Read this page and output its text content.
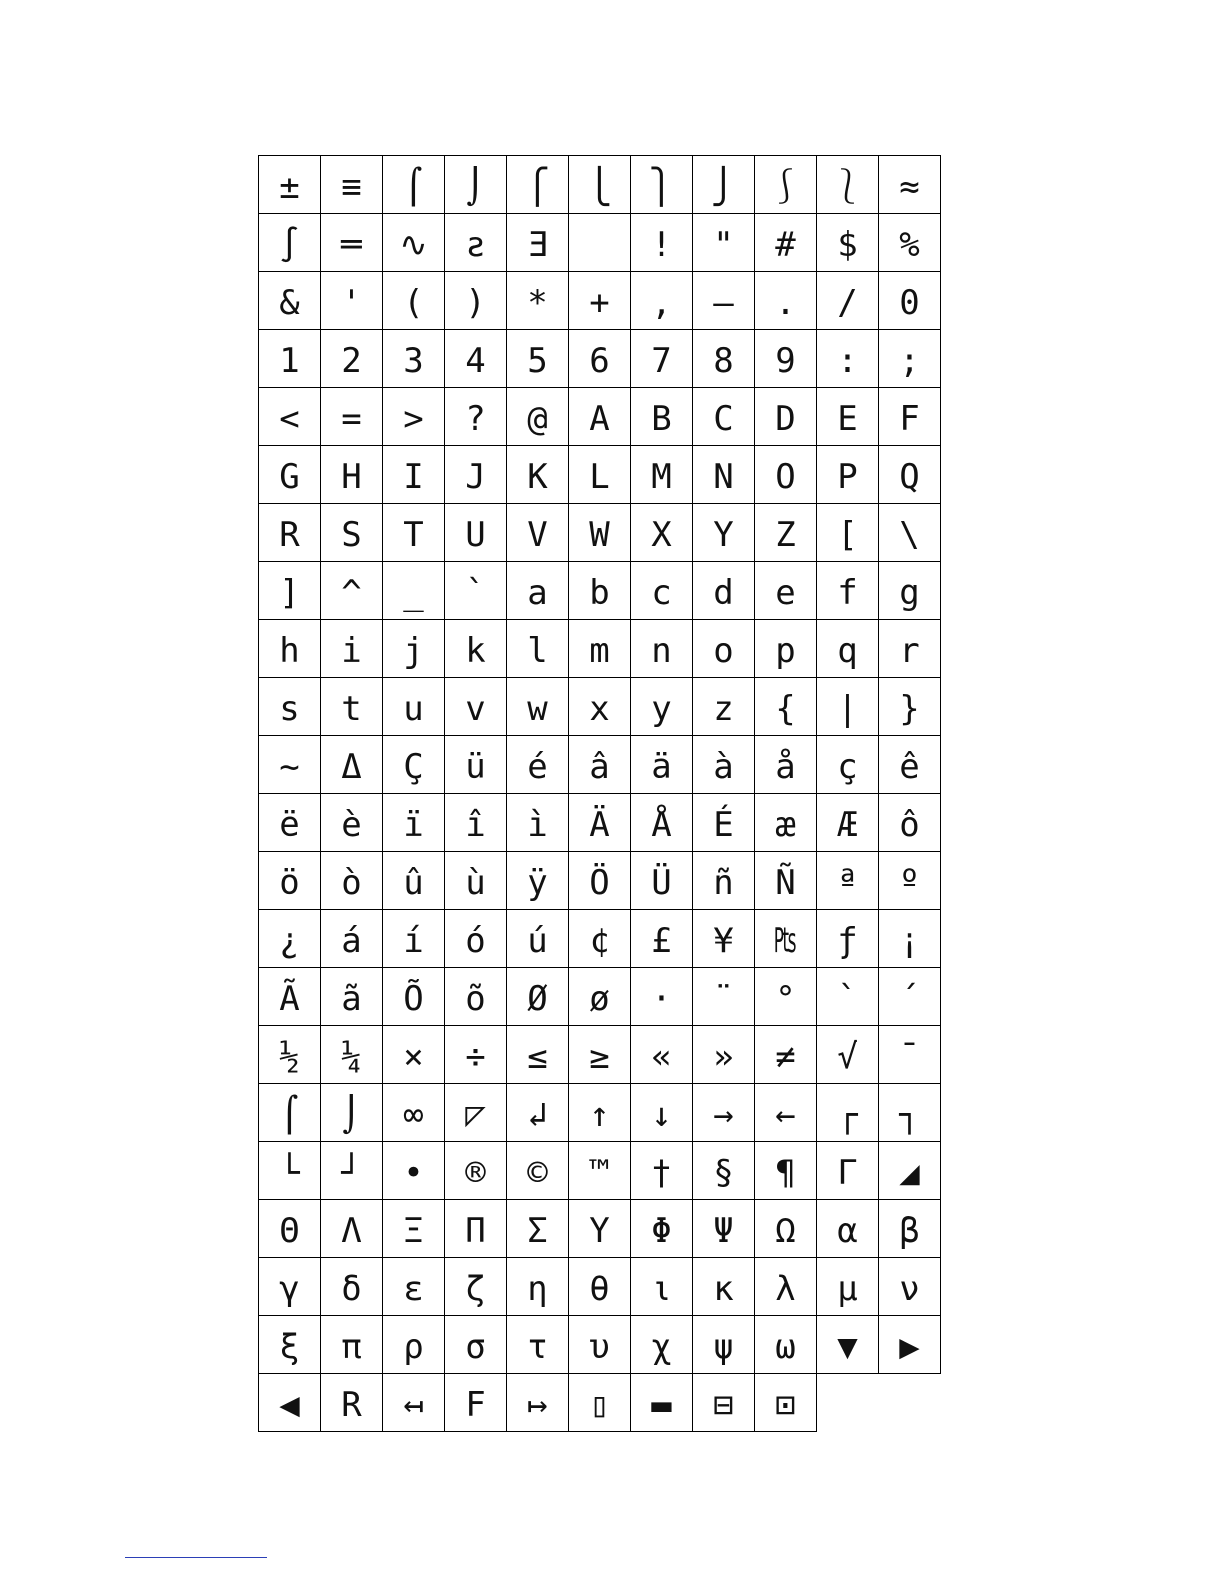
±	≡	⌠	⌡	⎧	⎩	⎫	⎭	⎰	⎱	≈
∫	═	∿	ƨ	Ǝ		!	"	#	$	%
&	'	(	)	*	+	,	—	.	/	0
1	2	3	4	5	6	7	8	9	:	;
<	=	>	?	@	A	B	C	D	E	F
G	H	I	J	K	L	M	N	O	P	Q
R	S	T	U	V	W	X	Y	Z	[	\
]	^	_	`	a	b	c	d	e	f	g
h	i	j	k	l	m	n	o	p	q	r
s	t	u	v	w	x	y	z	{	|	}
~	Δ	Ç	ü	é	â	ä	à	å	ç	ê
ë	è	ï	î	ì	Ä	Å	É	æ	Æ	ô
ö	ò	û	ù	ÿ	Ö	Ü	ñ	Ñ	ª	º
¿	á	í	ó	ú	¢	£	¥	₧	ƒ	¡
Ã	ã	Õ	õ	Ø	ø	·	¨	°	`	´
½	¼	×	÷	≤	≥	«	»	≠	√	¯
⌠	⌡	∞	◸	↲	↑	↓	→	←	┌	┐
└	┘	•	®	©	™	†	§	¶	Γ	◢
Θ	Λ	Ξ	Π	Σ	Υ	Φ	Ψ	Ω	α	β
γ	δ	ε	ζ	η	θ	ι	κ	λ	μ	ν
ξ	π	ρ	σ	τ	υ	χ	ψ	ω	▼	▶
◀	R	↤	F	↦	▯	▬	⊟	⊡		
